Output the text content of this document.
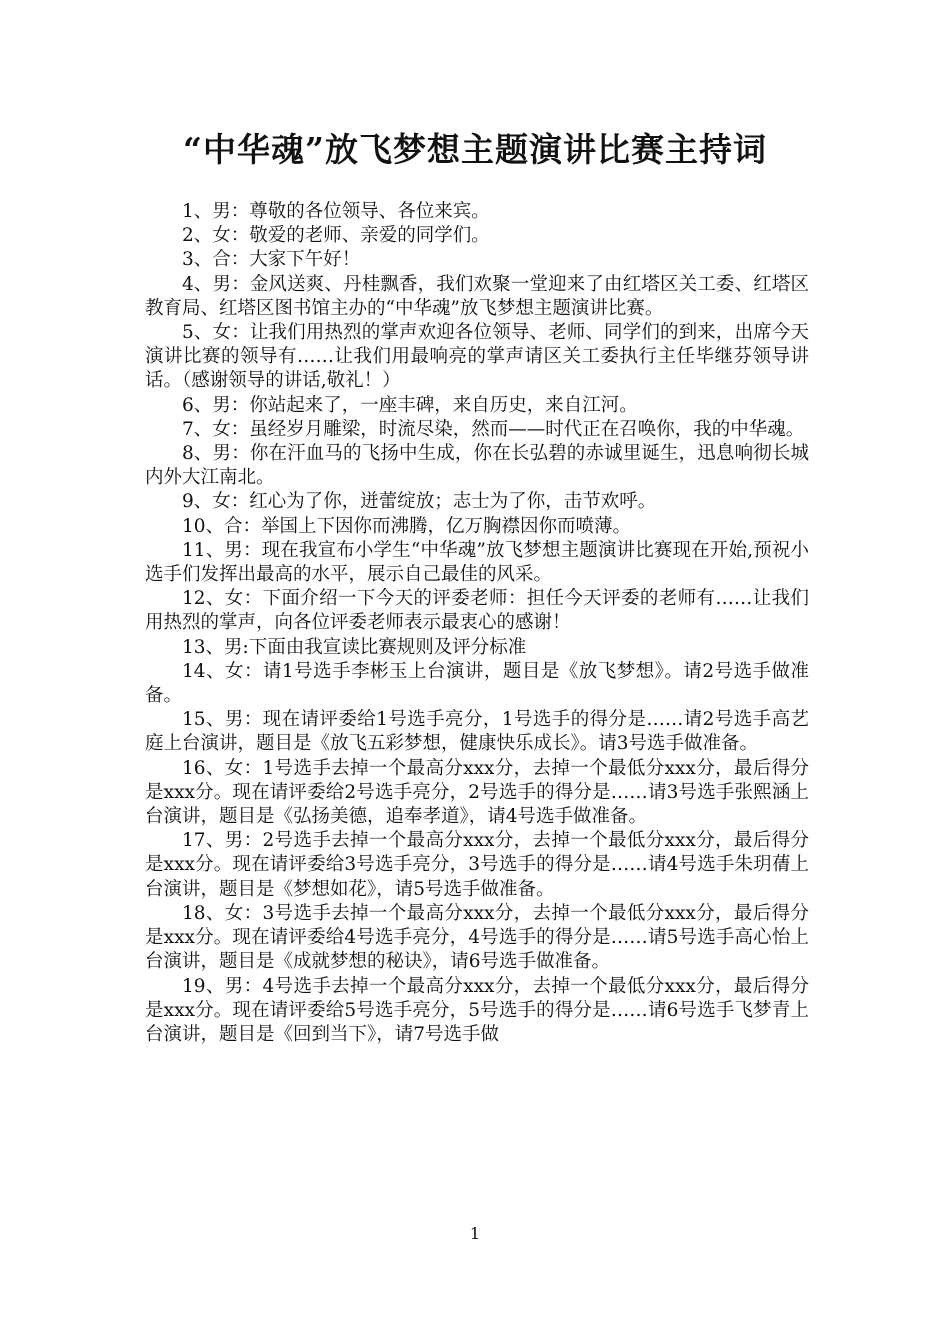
“中华魂”放飞梦想主题演讲比赛主持词

1、男：尊敬的各位领导、各位来宾。

2、女：敬爱的老师、亲爱的同学们。

3、合：大家下午好！

4、男：金风送爽、丹桂飘香，我们欢聚一堂迎来了由红塔区关工委、红塔区教育局、红塔区图书馆主办的“中华魂”放飞梦想主题演讲比赛。

5、女：让我们用热烈的掌声欢迎各位领导、老师、同学们的到来，出席今天演讲比赛的领导有……让我们用最响亮的掌声请区关工委执行主任毕继芬领导讲话。（感谢领导的讲话,敬礼！）

6、男：你站起来了，一座丰碑，来自历史，来自江河。

7、女：虽经岁月雕梁，时流尽染，然而——时代正在召唤你，我的中华魂。

8、男：你在汗血马的飞扬中生成，你在长弘碧的赤诚里诞生，迅息响彻长城内外大江南北。

9、女：红心为了你，迸蕾绽放；志士为了你，击节欢呼。

10、合：举国上下因你而沸腾，亿万胸襟因你而喷薄。

11、男：现在我宣布小学生“中华魂”放飞梦想主题演讲比赛现在开始,预祝小选手们发挥出最高的水平，展示自己最佳的风采。

12、女：下面介绍一下今天的评委老师：担任今天评委的老师有……让我们用热烈的掌声，向各位评委老师表示最衷心的感谢！

13、男:下面由我宣读比赛规则及评分标准

14、女：请1号选手李彬玉上台演讲，题目是《放飞梦想》。请2号选手做准备。

15、男：现在请评委给1号选手亮分，1号选手的得分是……请2号选手高艺庭上台演讲，题目是《放飞五彩梦想，健康快乐成长》。请3号选手做准备。

16、女：1号选手去掉一个最高分xxx分，去掉一个最低分xxx分，最后得分是xxx分。现在请评委给2号选手亮分，2号选手的得分是……请3号选手张熙涵上台演讲，题目是《弘扬美德，追奉孝道》，请4号选手做准备。

17、男：2号选手去掉一个最高分xxx分，去掉一个最低分xxx分，最后得分是xxx分。现在请评委给3号选手亮分，3号选手的得分是……请4号选手朱玥蒨上台演讲，题目是《梦想如花》，请5号选手做准备。

18、女：3号选手去掉一个最高分xxx分，去掉一个最低分xxx分，最后得分是xxx分。现在请评委给4号选手亮分，4号选手的得分是……请5号选手高心怡上台演讲，题目是《成就梦想的秘诀》，请6号选手做准备。

19、男：4号选手去掉一个最高分xxx分，去掉一个最低分xxx分，最后得分是xxx分。现在请评委给5号选手亮分，5号选手的得分是……请6号选手飞梦青上台演讲，题目是《回到当下》，请7号选手做

1
